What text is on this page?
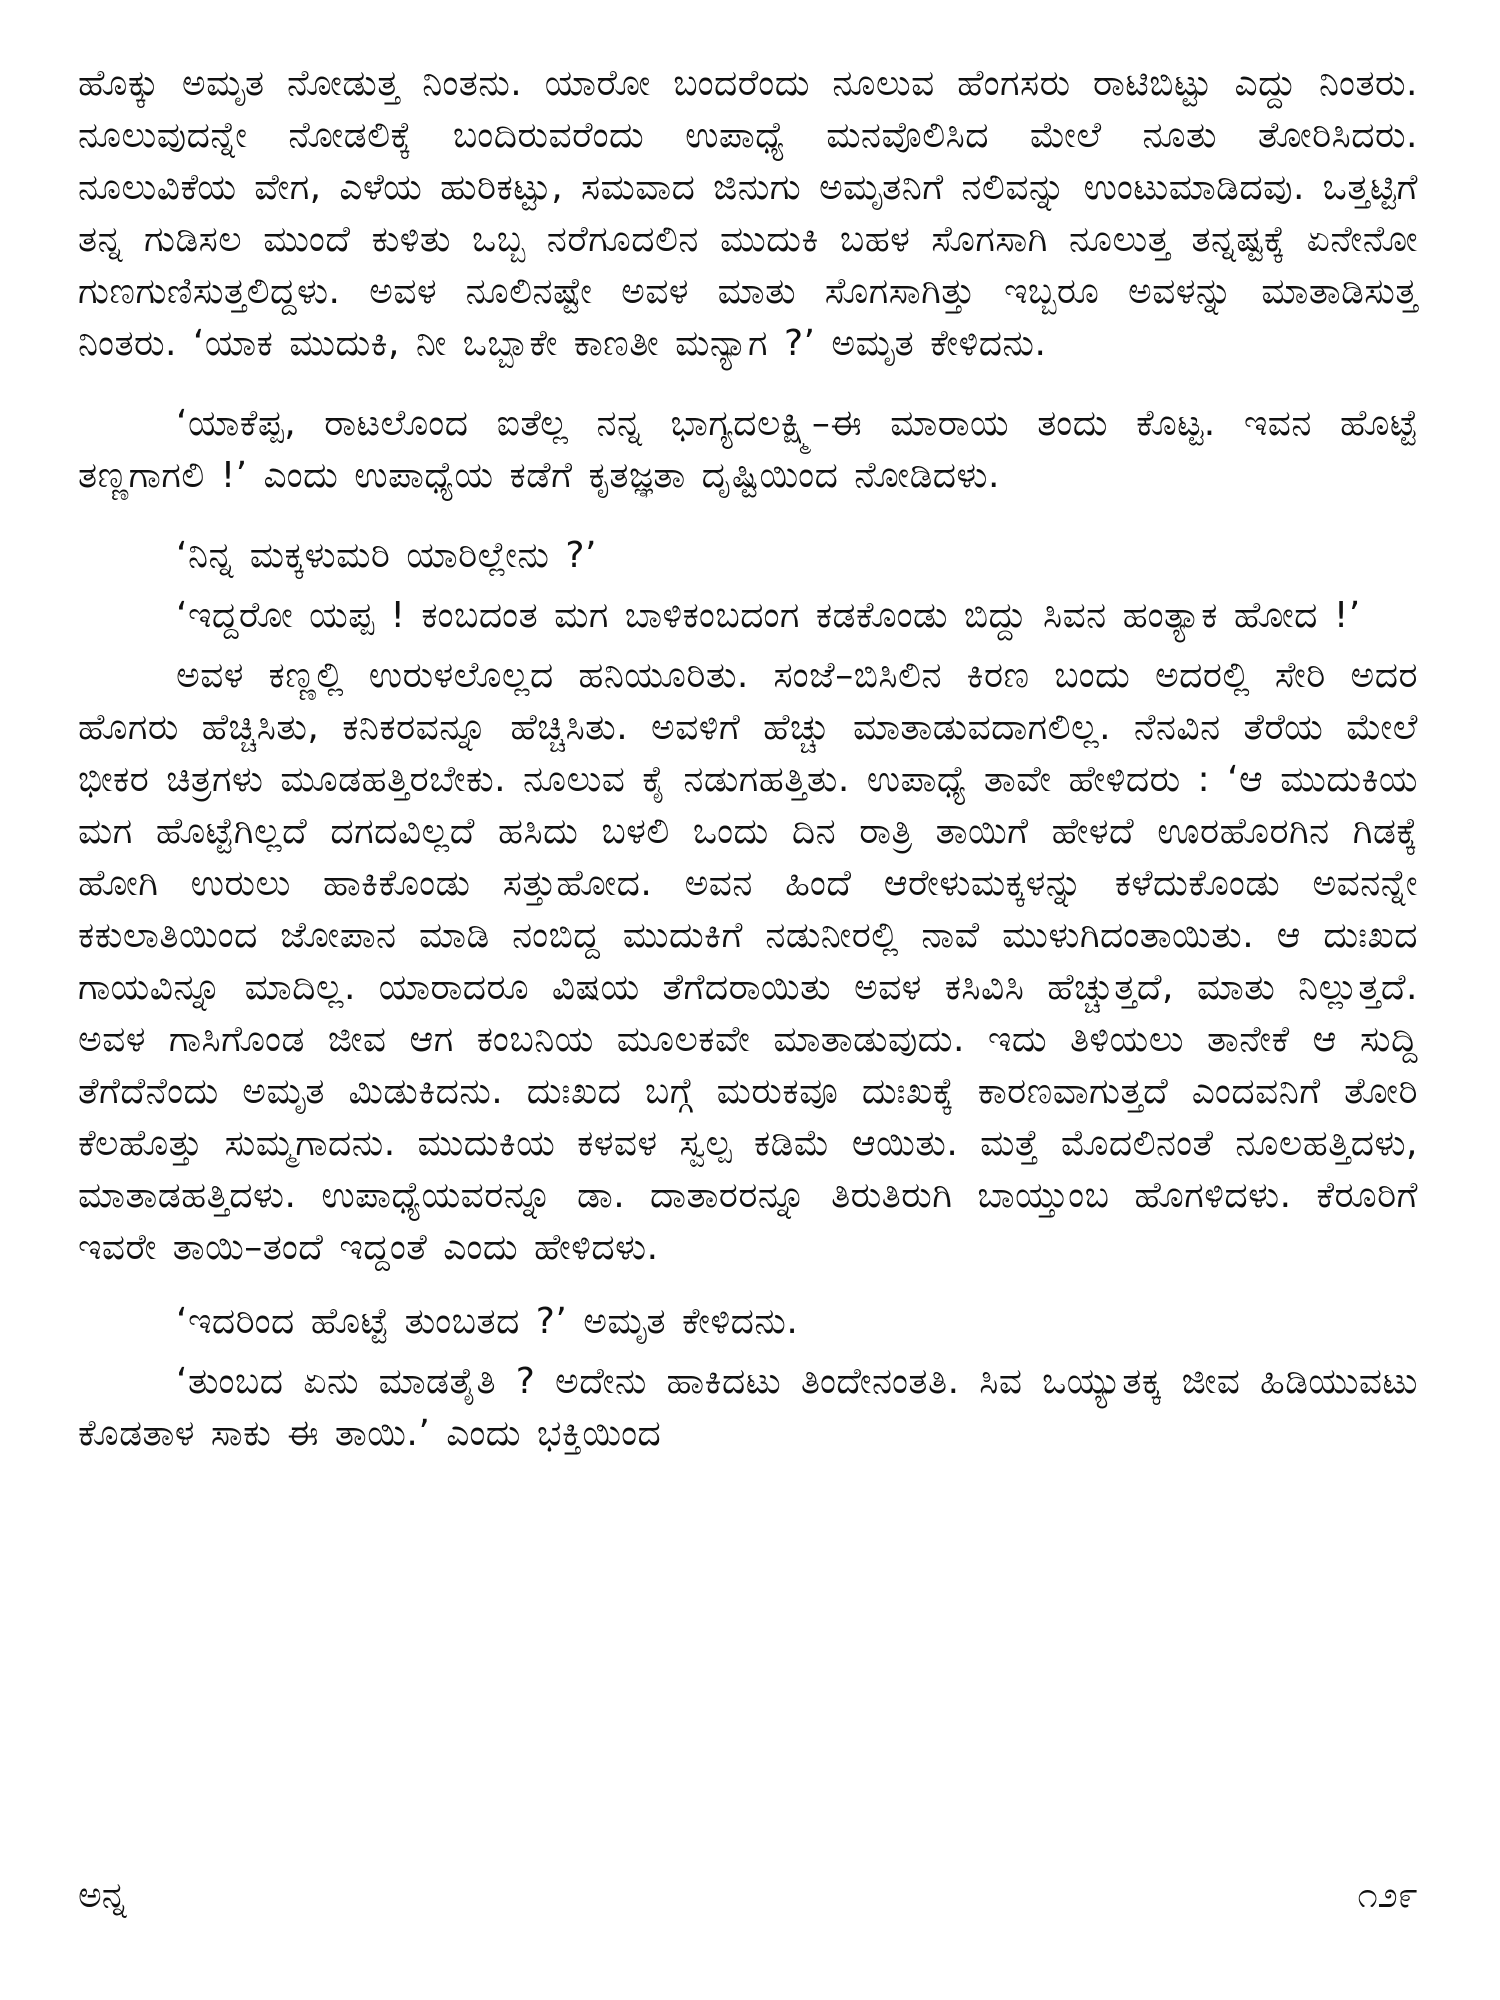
ಹೊಕ್ಕು ಅಮೃತ ನೋಡುತ್ತ ನಿಂತನು. ಯಾರೋ ಬಂದರೆಂದು ನೂಲುವ ಹೆಂಗಸರು ರಾಟಿಬಿಟ್ಟು ಎದ್ದು ನಿಂತರು. ನೂಲುವುದನ್ನೇ ನೋಡಲಿಕ್ಕೆ ಬಂದಿರುವರೆಂದು ಉಪಾಧ್ಯೆ ಮನವೊಲಿಸಿದ ಮೇಲೆ ನೂತು ತೋರಿಸಿದರು. ನೂಲುವಿಕೆಯ ವೇಗ, ಎಳೆಯ ಹುರಿಕಟ್ಟು, ಸಮವಾದ ಜಿನುಗು ಅಮೃತನಿಗೆ ನಲಿವನ್ನು ಉಂಟುಮಾಡಿದವು. ಒತ್ತಟ್ಟಿಗೆ ತನ್ನ ಗುಡಿಸಲ ಮುಂದೆ ಕುಳಿತು ಒಬ್ಬ ನರೆಗೂದಲಿನ ಮುದುಕಿ ಬಹಳ ಸೊಗಸಾಗಿ ನೂಲುತ್ತ ತನ್ನಷ್ಟಕ್ಕೆ ಏನೇನೋ ಗುಣಗುಣಿಸುತ್ತಲಿದ್ದಳು. ಅವಳ ನೂಲಿನಷ್ಟೇ ಅವಳ ಮಾತು ಸೊಗಸಾಗಿತ್ತು ಇಬ್ಬರೂ ಅವಳನ್ನು ಮಾತಾಡಿಸುತ್ತ ನಿಂತರು. ‘ಯಾಕ ಮುದುಕಿ, ನೀ ಒಬ್ಬಾಕೇ ಕಾಣತೀ ಮನ್ಯಾಗ ?’ ಅಮೃತ ಕೇಳಿದನು.

‘ಯಾಕೆಪ್ಪ, ರಾಟಲೊಂದ ಐತೆಲ್ಲ ನನ್ನ ಭಾಗ್ಯದಲಕ್ಷ್ಮಿ–ಈ ಮಾರಾಯ ತಂದು ಕೊಟ್ಟ. ಇವನ ಹೊಟ್ಟೆ ತಣ್ಣಗಾಗಲಿ !’ ಎಂದು ಉಪಾಧ್ಯೆಯ ಕಡೆಗೆ ಕೃತಜ್ಞತಾ ದೃಷ್ಟಿಯಿಂದ ನೋಡಿದಳು.

‘ನಿನ್ನ ಮಕ್ಕಳುಮರಿ ಯಾರಿಲ್ಲೇನು ?’

‘ಇದ್ದರೋ ಯಪ್ಪ ! ಕಂಬದಂತ ಮಗ ಬಾಳಿಕಂಬದಂಗ ಕಡಕೊಂಡು ಬಿದ್ದು ಸಿವನ ಹಂತ್ಯಾಕ ಹೋದ !’

ಅವಳ ಕಣ್ಣಲ್ಲಿ ಉರುಳಲೊಲ್ಲದ ಹನಿಯೂರಿತು. ಸಂಜೆ–ಬಿಸಿಲಿನ ಕಿರಣ ಬಂದು ಅದರಲ್ಲಿ ಸೇರಿ ಅದರ ಹೊಗರು ಹೆಚ್ಚಿಸಿತು, ಕನಿಕರವನ್ನೂ ಹೆಚ್ಚಿಸಿತು. ಅವಳಿಗೆ ಹೆಚ್ಚು ಮಾತಾಡುವದಾಗಲಿಲ್ಲ. ನೆನವಿನ ತೆರೆಯ ಮೇಲೆ ಭೀಕರ ಚಿತ್ರಗಳು ಮೂಡಹತ್ತಿರಬೇಕು. ನೂಲುವ ಕೈ ನಡುಗಹತ್ತಿತು. ಉಪಾಧ್ಯೆ ತಾವೇ ಹೇಳಿದರು : ‘ಆ ಮುದುಕಿಯ ಮಗ ಹೊಟ್ಟೆಗಿಲ್ಲದೆ ದಗದವಿಲ್ಲದೆ ಹಸಿದು ಬಳಲಿ ಒಂದು ದಿನ ರಾತ್ರಿ ತಾಯಿಗೆ ಹೇಳದೆ ಊರಹೊರಗಿನ ಗಿಡಕ್ಕೆ ಹೋಗಿ ಉರುಲು ಹಾಕಿಕೊಂಡು ಸತ್ತುಹೋದ. ಅವನ ಹಿಂದೆ ಆರೇಳುಮಕ್ಕಳನ್ನು ಕಳೆದುಕೊಂಡು ಅವನನ್ನೇ ಕಕುಲಾತಿಯಿಂದ ಜೋಪಾನ ಮಾಡಿ ನಂಬಿದ್ದ ಮುದುಕಿಗೆ ನಡುನೀರಲ್ಲಿ ನಾವೆ ಮುಳುಗಿದಂತಾಯಿತು. ಆ ದುಃಖದ ಗಾಯವಿನ್ನೂ ಮಾದಿಲ್ಲ. ಯಾರಾದರೂ ವಿಷಯ ತೆಗೆದರಾಯಿತು ಅವಳ ಕಸಿವಿಸಿ ಹೆಚ್ಚುತ್ತದೆ, ಮಾತು ನಿಲ್ಲುತ್ತದೆ. ಅವಳ ಗಾಸಿಗೊಂಡ ಜೀವ ಆಗ ಕಂಬನಿಯ ಮೂಲಕವೇ ಮಾತಾಡುವುದು. ಇದು ತಿಳಿಯಲು ತಾನೇಕೆ ಆ ಸುದ್ದಿ ತೆಗೆದೆನೆಂದು ಅಮೃತ ಮಿಡುಕಿದನು. ದುಃಖದ ಬಗ್ಗೆ ಮರುಕವೂ ದುಃಖಕ್ಕೆ ಕಾರಣವಾಗುತ್ತದೆ ಎಂದವನಿಗೆ ತೋರಿ ಕೆಲಹೊತ್ತು ಸುಮ್ಮಗಾದನು. ಮುದುಕಿಯ ಕಳವಳ ಸ್ವಲ್ಪ ಕಡಿಮೆ ಆಯಿತು. ಮತ್ತೆ ಮೊದಲಿನಂತೆ ನೂಲಹತ್ತಿದಳು, ಮಾತಾಡಹತ್ತಿದಳು. ಉಪಾಧ್ಯೆಯವರನ್ನೂ ಡಾ. ದಾತಾರರನ್ನೂ ತಿರುತಿರುಗಿ ಬಾಯ್ತುಂಬ ಹೊಗಳಿದಳು. ಕೆರೂರಿಗೆ ಇವರೇ ತಾಯಿ–ತಂದೆ ಇದ್ದಂತೆ ಎಂದು ಹೇಳಿದಳು.

‘ಇದರಿಂದ ಹೊಟ್ಟೆ ತುಂಬತದ ?’ ಅಮೃತ ಕೇಳಿದನು.

‘ತುಂಬದ ಏನು ಮಾಡತೈತಿ ? ಅದೇನು ಹಾಕಿದಟು ತಿಂದೇನಂತತಿ. ಸಿವ ಒಯ್ಯುತಕ್ಕ ಜೀವ ಹಿಡಿಯುವಟು ಕೊಡತಾಳ ಸಾಕು ಈ ತಾಯಿ.’ ಎಂದು ಭಕ್ತಿಯಿಂದ

ಅನ್ನ	೧೨೯
